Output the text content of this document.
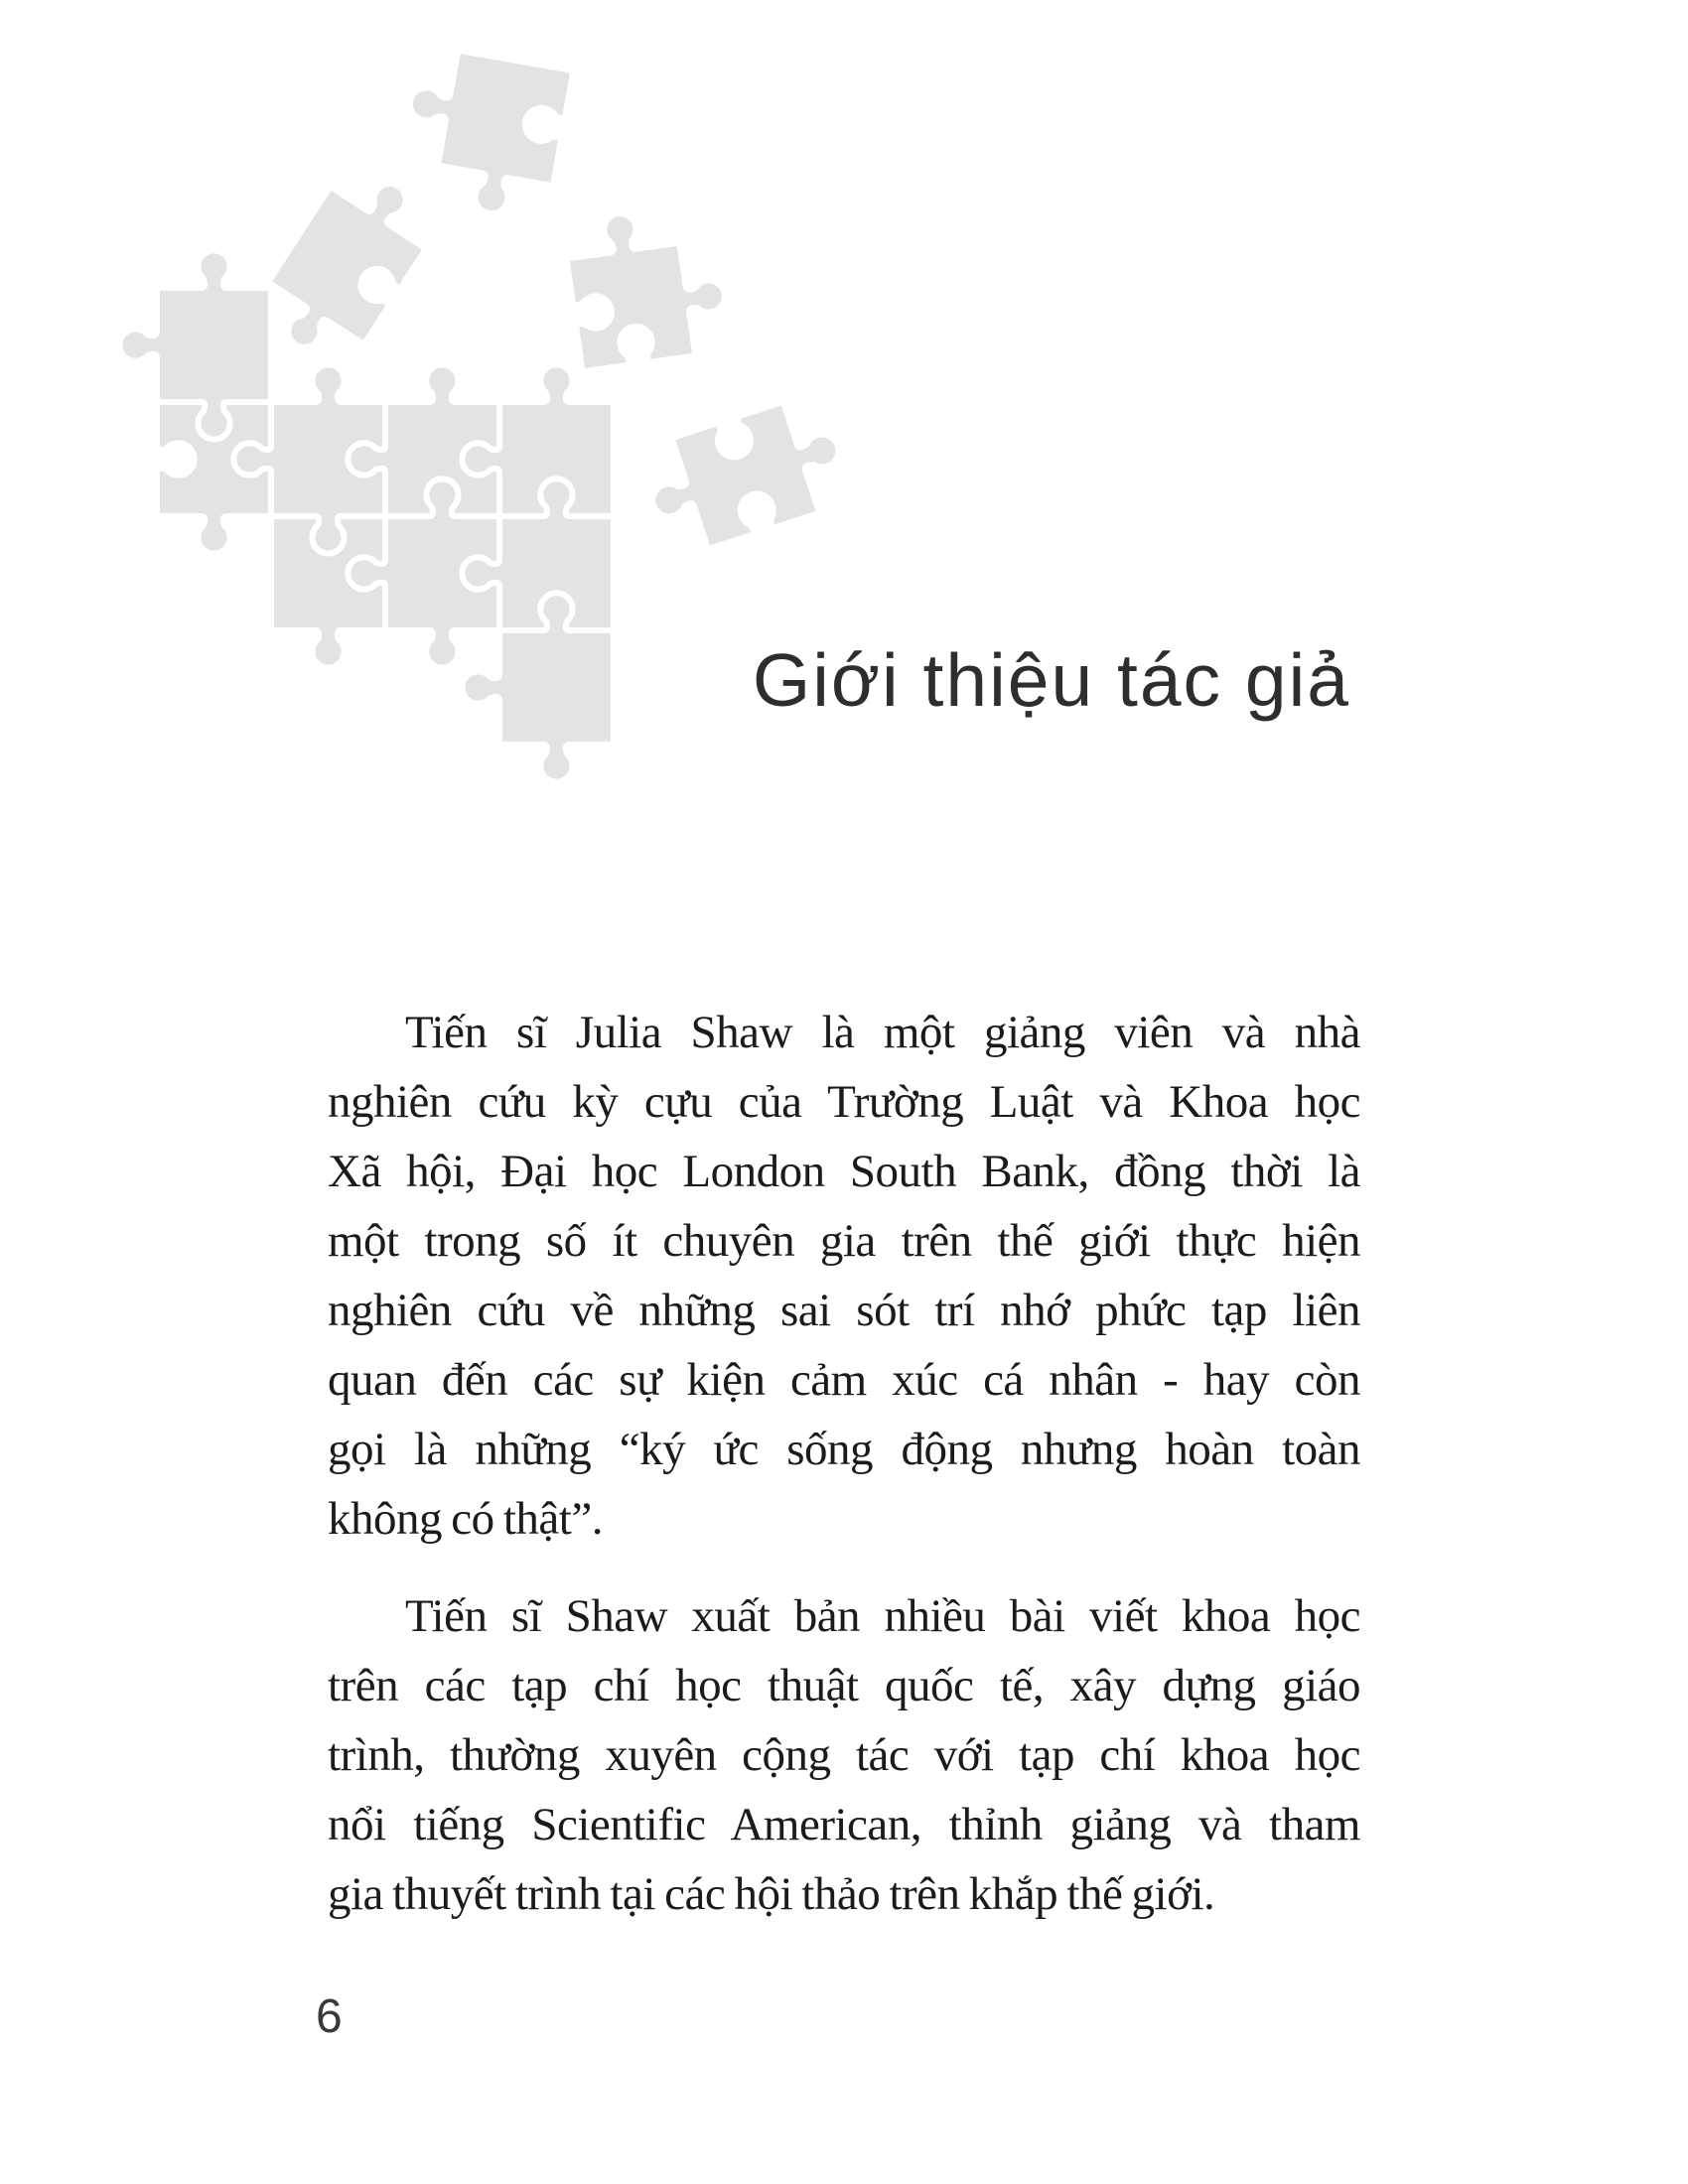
Giới thiệu tác giả
Tiến sĩ Julia Shaw là một giảng viên và nhà
nghiên cứu kỳ cựu của Trường Luật và Khoa học
Xã hội, Đại học London South Bank, đồng thời là
một trong số ít chuyên gia trên thế giới thực hiện
nghiên cứu về những sai sót trí nhớ phức tạp liên
quan đến các sự kiện cảm xúc cá nhân - hay còn
gọi là những “ký ức sống động nhưng hoàn toàn
không có thật”.
Tiến sĩ Shaw xuất bản nhiều bài viết khoa học
trên các tạp chí học thuật quốc tế, xây dựng giáo
trình, thường xuyên cộng tác với tạp chí khoa học
nổi tiếng Scientific American, thỉnh giảng và tham
gia thuyết trình tại các hội thảo trên khắp thế giới.
6
